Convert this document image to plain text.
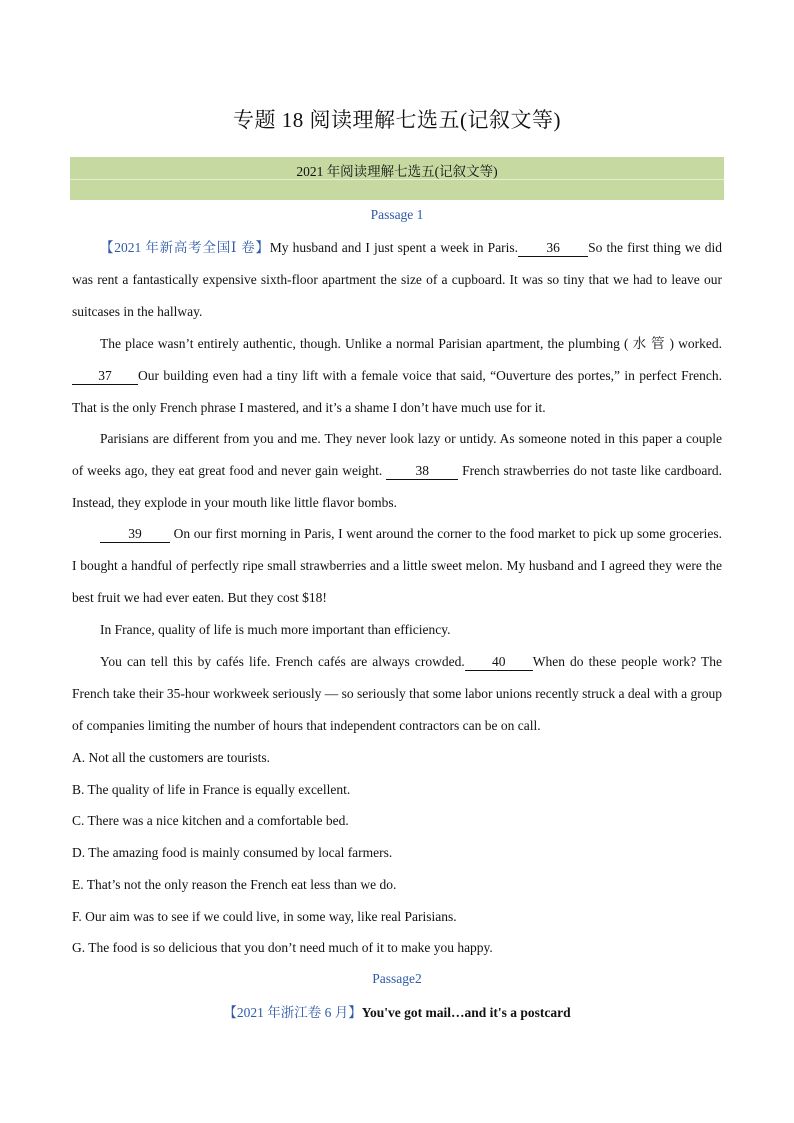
专题 18 阅读理解七选五(记叙文等)
2021 年阅读理解七选五(记叙文等)
Passage 1
【2021 年新高考全国Ⅰ 卷】My husband and I just spent a week in Paris. 36 So the first thing we did was rent a fantastically expensive sixth-floor apartment the size of a cupboard. It was so tiny that we had to leave our suitcases in the hallway.
The place wasn’t entirely authentic, though. Unlike a normal Parisian apartment, the plumbing ( 水 管 ) worked. 37 Our building even had a tiny lift with a female voice that said, “Ouverture des portes,” in perfect French. That is the only French phrase I mastered, and it’s a shame I don’t have much use for it.
Parisians are different from you and me. They never look lazy or untidy. As someone noted in this paper a couple of weeks ago, they eat great food and never gain weight. 38 French strawberries do not taste like cardboard. Instead, they explode in your mouth like little flavor bombs.
39 On our first morning in Paris, I went around the corner to the food market to pick up some groceries. I bought a handful of perfectly ripe small strawberries and a little sweet melon. My husband and I agreed they were the best fruit we had ever eaten. But they cost $18!
In France, quality of life is much more important than efficiency.
You can tell this by cafés life. French cafés are always crowded. 40 When do these people work? The French take their 35-hour workweek seriously — so seriously that some labor unions recently struck a deal with a group of companies limiting the number of hours that independent contractors can be on call.
A. Not all the customers are tourists.
B. The quality of life in France is equally excellent.
C. There was a nice kitchen and a comfortable bed.
D. The amazing food is mainly consumed by local farmers.
E. That’s not the only reason the French eat less than we do.
F. Our aim was to see if we could live, in some way, like real Parisians.
G. The food is so delicious that you don’t need much of it to make you happy.
Passage2
【2021 年浙江卷 6 月】You've got mail…and it's a postcard
